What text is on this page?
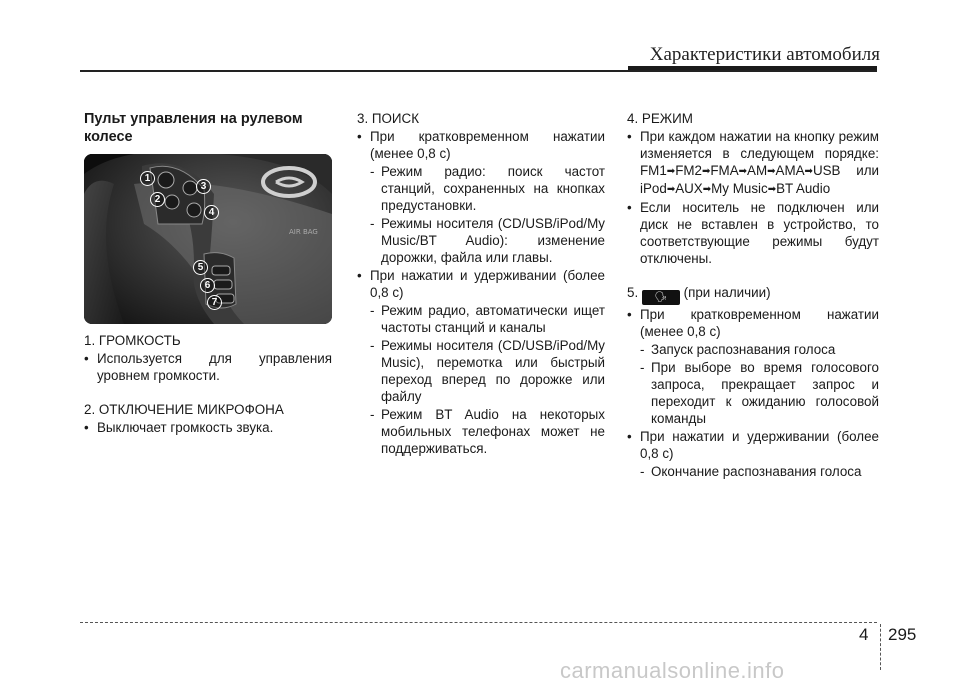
Характеристики автомобиля
Пульт управления на рулевом колесе
AIR BAG
1. ГРОМКОСТЬ
• Используется для управления уровнем громкости.
2. ОТКЛЮЧЕНИЕ МИКРОФОНА
• Выключает громкость звука.
1
2
3
4
5
6
7
3. ПОИСК
• При кратковременном нажатии (менее 0,8 с)
- Режим радио: поиск частот станций, сохраненных на кнопках предустановки.
- Режимы носителя (CD/USB/iPod/My Music/BT Audio): изменение дорожки, файла или главы.
• При нажатии и удерживании (более 0,8 с)
- Режим радио, автоматически ищет частоты станций и каналы
- Режимы носителя (CD/USB/iPod/My Music), перемотка или быстрый переход вперед по дорожке или файлу
- Режим BT Audio на некоторых мобильных телефонах может не поддерживаться.
4. РЕЖИМ
• При каждом нажатии на кнопку режим изменяется в следующем порядке: FM1➡FM2➡FMA➡AM➡AMA➡USB или iPod➡AUX➡My Music➡BT Audio
• Если носитель не подключен или диск не вставлен в устройство, то соответствующие режимы будут отключены.
5. 🗣 (при наличии)
• При кратковременном нажатии (менее 0,8 с)
- Запуск распознавания голоса
- При выборе во время голосового запроса, прекращает запрос и переходит к ожиданию голосовой команды
• При нажатии и удерживании (более 0,8 с)
- Окончание распознавания голоса
4 295
carmanualsonline.info
